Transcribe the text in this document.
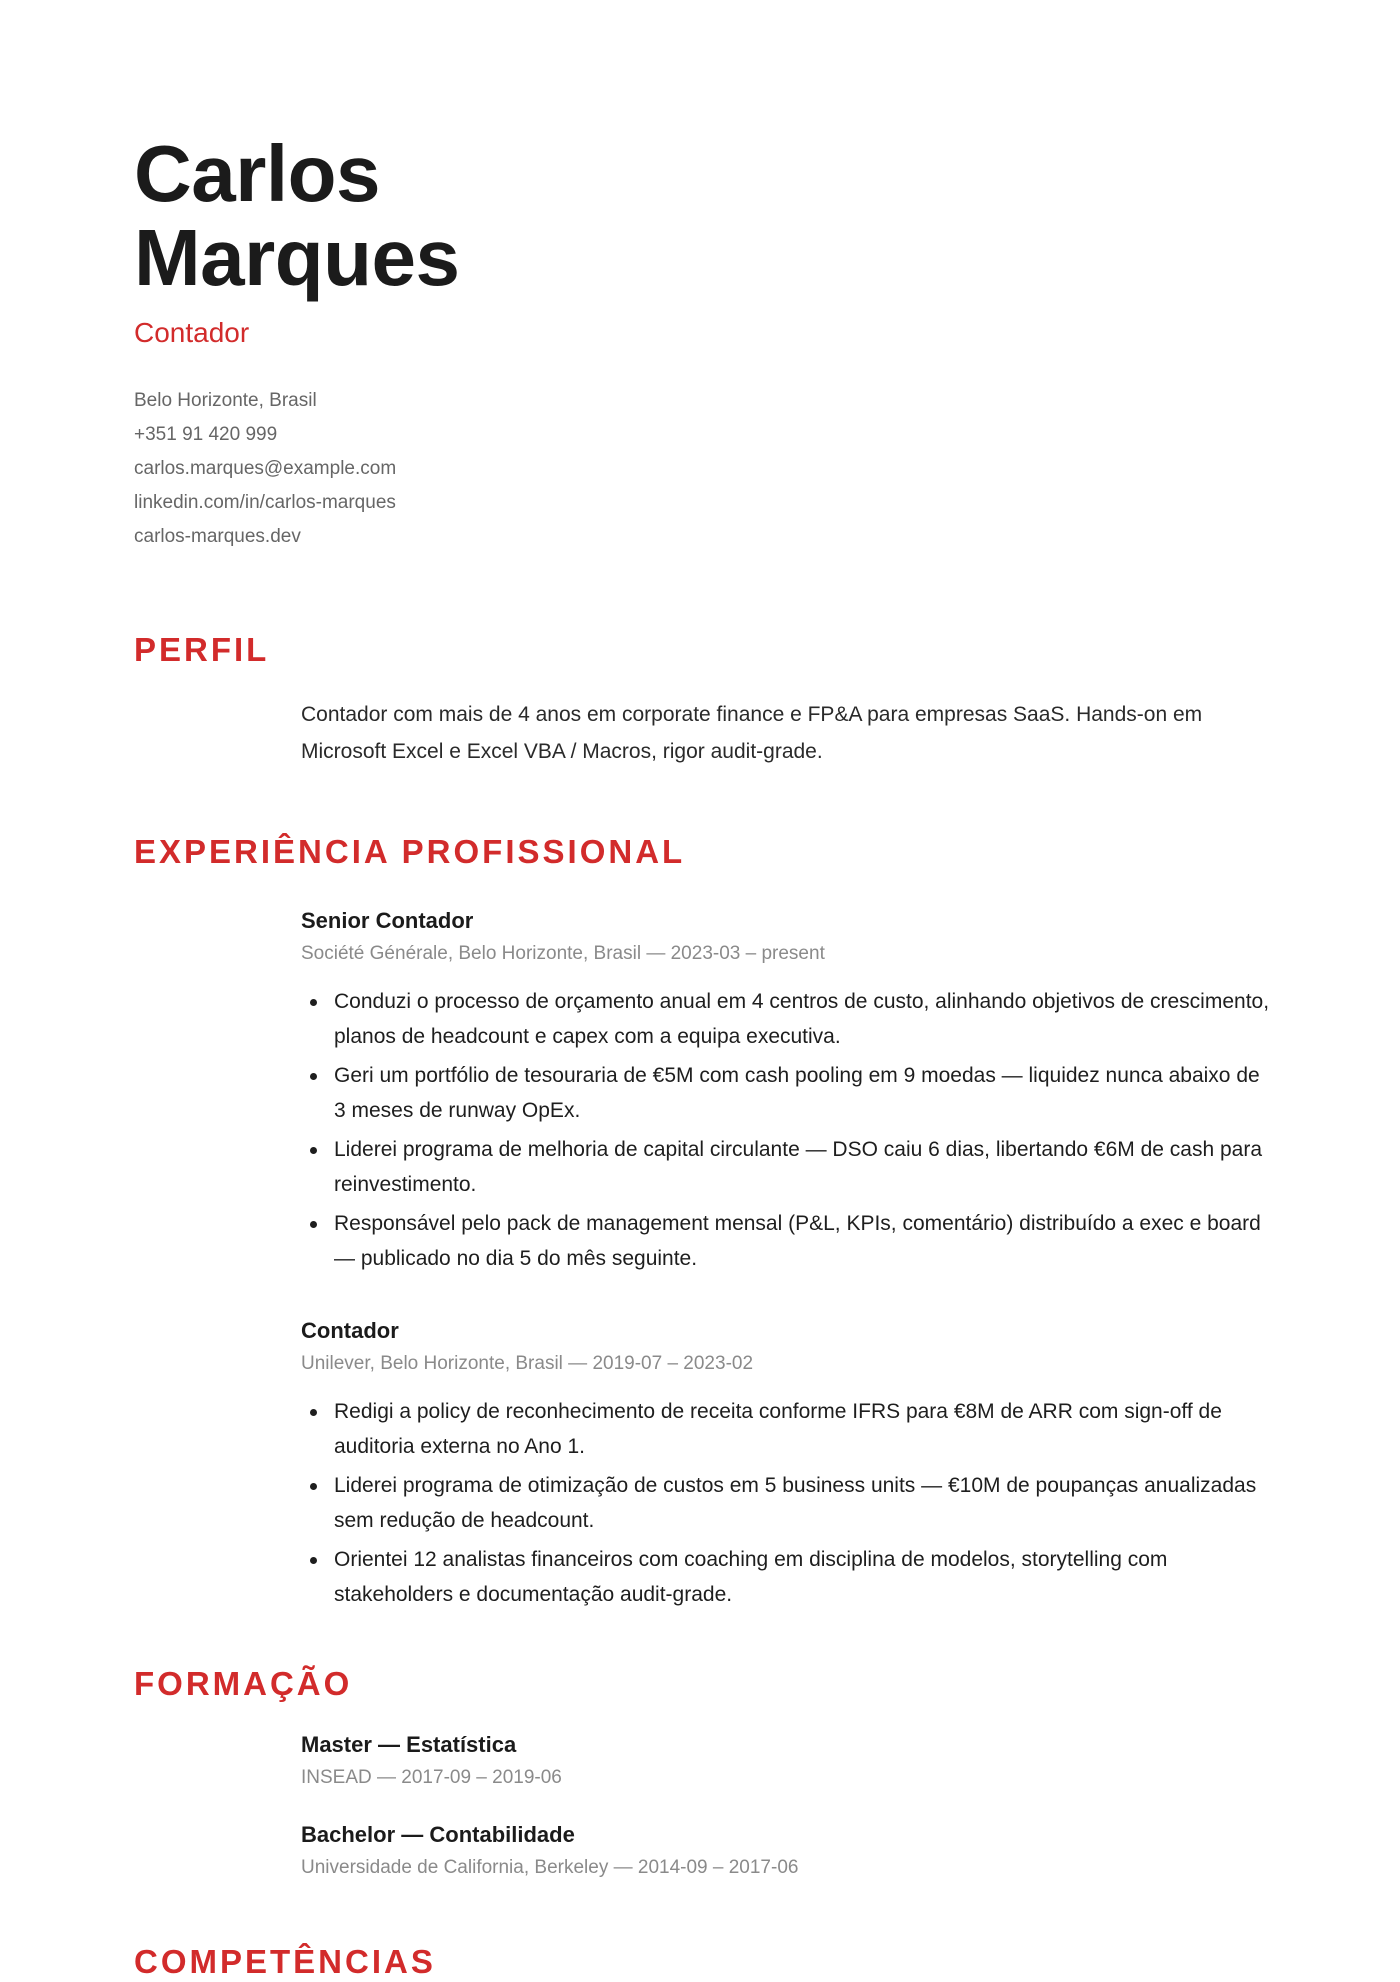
Carlos
Marques
Contador
Belo Horizonte, Brasil
+351 91 420 999
carlos.marques@example.com
linkedin.com/in/carlos-marques
carlos-marques.dev
PERFIL
Contador com mais de 4 anos em corporate finance e FP&A para empresas SaaS. Hands-on em Microsoft Excel e Excel VBA / Macros, rigor audit-grade.
EXPERIÊNCIA PROFISSIONAL
Senior Contador
Société Générale, Belo Horizonte, Brasil — 2023-03 – present
Conduzi o processo de orçamento anual em 4 centros de custo, alinhando objetivos de crescimento, planos de headcount e capex com a equipa executiva.
Geri um portfólio de tesouraria de €5M com cash pooling em 9 moedas — liquidez nunca abaixo de 3 meses de runway OpEx.
Liderei programa de melhoria de capital circulante — DSO caiu 6 dias, libertando €6M de cash para reinvestimento.
Responsável pelo pack de management mensal (P&L, KPIs, comentário) distribuído a exec e board — publicado no dia 5 do mês seguinte.
Contador
Unilever, Belo Horizonte, Brasil — 2019-07 – 2023-02
Redigi a policy de reconhecimento de receita conforme IFRS para €8M de ARR com sign-off de auditoria externa no Ano 1.
Liderei programa de otimização de custos em 5 business units — €10M de poupanças anualizadas sem redução de headcount.
Orientei 12 analistas financeiros com coaching em disciplina de modelos, storytelling com stakeholders e documentação audit-grade.
FORMAÇÃO
Master — Estatística
INSEAD — 2017-09 – 2019-06
Bachelor — Contabilidade
Universidade de California, Berkeley — 2014-09 – 2017-06
COMPETÊNCIAS
